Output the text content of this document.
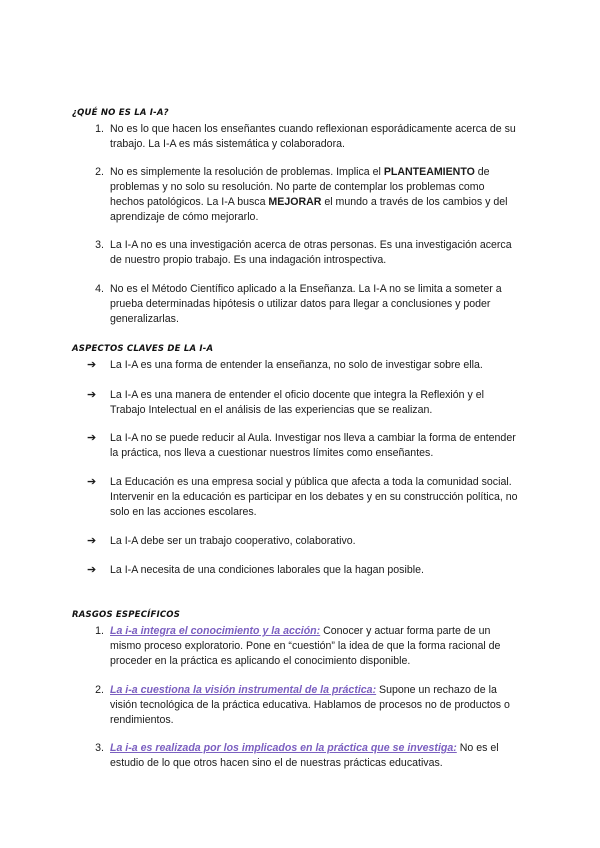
¿QUÉ NO ES LA I-A?
1. No es lo que hacen los enseñantes cuando reflexionan esporádicamente acerca de su trabajo. La I-A es más sistemática y colaboradora.
2. No es simplemente la resolución de problemas. Implica el PLANTEAMIENTO de problemas y no solo su resolución. No parte de contemplar los problemas como hechos patológicos. La I-A busca MEJORAR el mundo a través de los cambios y del aprendizaje de cómo mejorarlo.
3. La I-A no es una investigación acerca de otras personas. Es una investigación acerca de nuestro propio trabajo. Es una indagación introspectiva.
4. No es el Método Científico aplicado a la Enseñanza. La I-A no se limita a someter a prueba determinadas hipótesis o utilizar datos para llegar a conclusiones y poder generalizarlas.
ASPECTOS CLAVES DE LA I-A
➔ La I-A es una forma de entender la enseñanza, no solo de investigar sobre ella.
➔ La I-A es una manera de entender el oficio docente que integra la Reflexión y el Trabajo Intelectual en el análisis de las experiencias que se realizan.
➔ La I-A no se puede reducir al Aula. Investigar nos lleva a cambiar la forma de entender la práctica, nos lleva a cuestionar nuestros límites como enseñantes.
➔ La Educación es una empresa social y pública que afecta a toda la comunidad social. Intervenir en la educación es participar en los debates y en su construcción política, no solo en las acciones escolares.
➔ La I-A debe ser un trabajo cooperativo, colaborativo.
➔ La I-A necesita de una condiciones laborales que la hagan posible.
RASGOS ESPECÍFICOS
1. La i-a integra el conocimiento y la acción: Conocer y actuar forma parte de un mismo proceso exploratorio. Pone en “cuestión” la idea de que la forma racional de proceder en la práctica es aplicando el conocimiento disponible.
2. La i-a cuestiona la visión instrumental de la práctica: Supone un rechazo de la visión tecnológica de la práctica educativa. Hablamos de procesos no de productos o rendimientos.
3. La i-a es realizada por los implicados en la práctica que se investiga: No es el estudio de lo que otros hacen sino el de nuestras prácticas educativas.
